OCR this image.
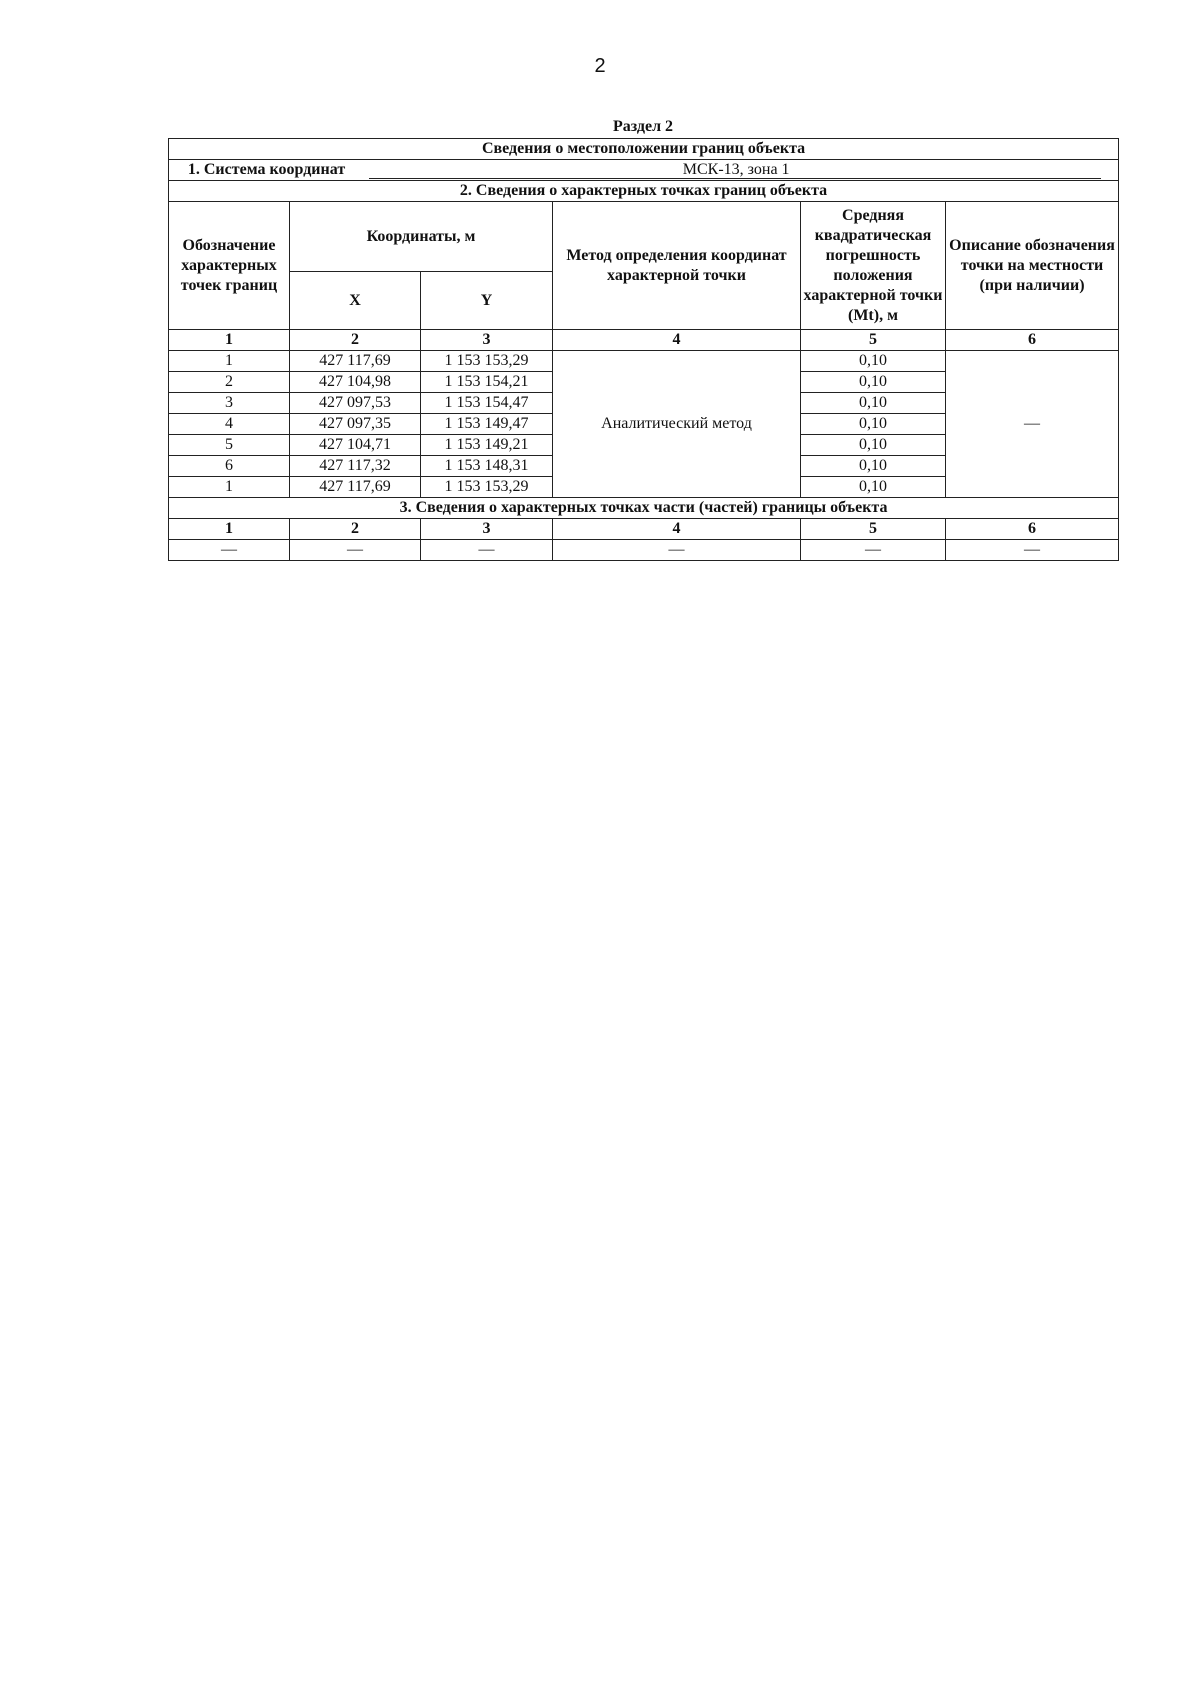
2
Раздел 2
Сведения о местоположении границ объекта					
1. Система координат МСК-13, зона 1					
2. Сведения о характерных точках границ объекта					
Обозначение характерных точек границ	Координаты, м		Метод определения координат характерной точки	Средняя квадратическая погрешность положения характерной точки (Mt), м	Описание обозначения точки на местности (при наличии)
	X	Y			
1	2	3	4	5	6
1	427 117,69	1 153 153,29	Аналитический метод	0,10	—
2	427 104,98	1 153 154,21		0,10	
3	427 097,53	1 153 154,47		0,10	
4	427 097,35	1 153 149,47		0,10	
5	427 104,71	1 153 149,21		0,10	
6	427 117,32	1 153 148,31		0,10	
1	427 117,69	1 153 153,29		0,10	
3. Сведения о характерных точках части (частей) границы объекта					
1	2	3	4	5	6
—	—	—	—	—	—
